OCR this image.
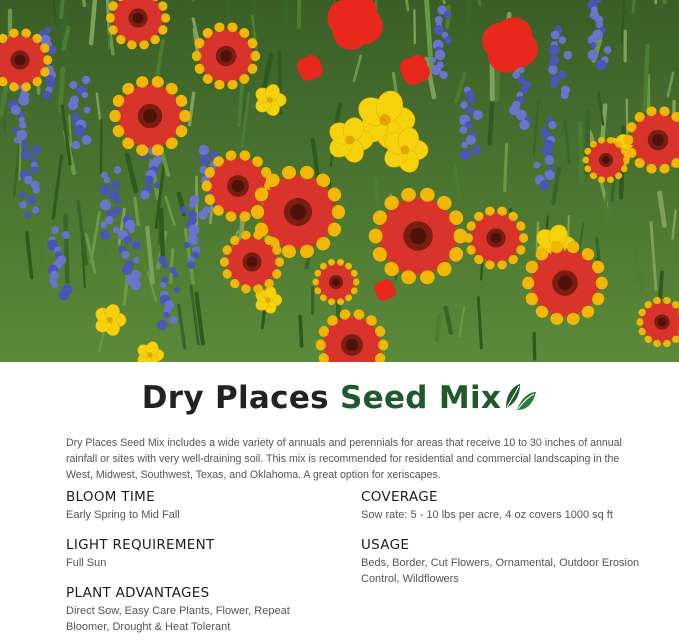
Dry Places Seed Mix

Dry Places Seed Mix includes a wide variety of annuals and perennials for areas that receive 10 to 30 inches of annual rainfall or sites with very well-draining soil. This mix is recommended for residential and commercial landscaping in the West, Midwest, Southwest, Texas, and Oklahoma. A great option for xeriscapes.

BLOOM TIME

Early Spring to Mid Fall

LIGHT REQUIREMENT

Full Sun

PLANT ADVANTAGES

Direct Sow, Easy Care Plants, Flower, Repeat Bloomer, Drought & Heat Tolerant

COVERAGE

Sow rate: 5 - 10 lbs per acre, 4 oz covers 1000 sq ft

USAGE

Beds, Border, Cut Flowers, Ornamental, Outdoor Erosion Control, Wildflowers
